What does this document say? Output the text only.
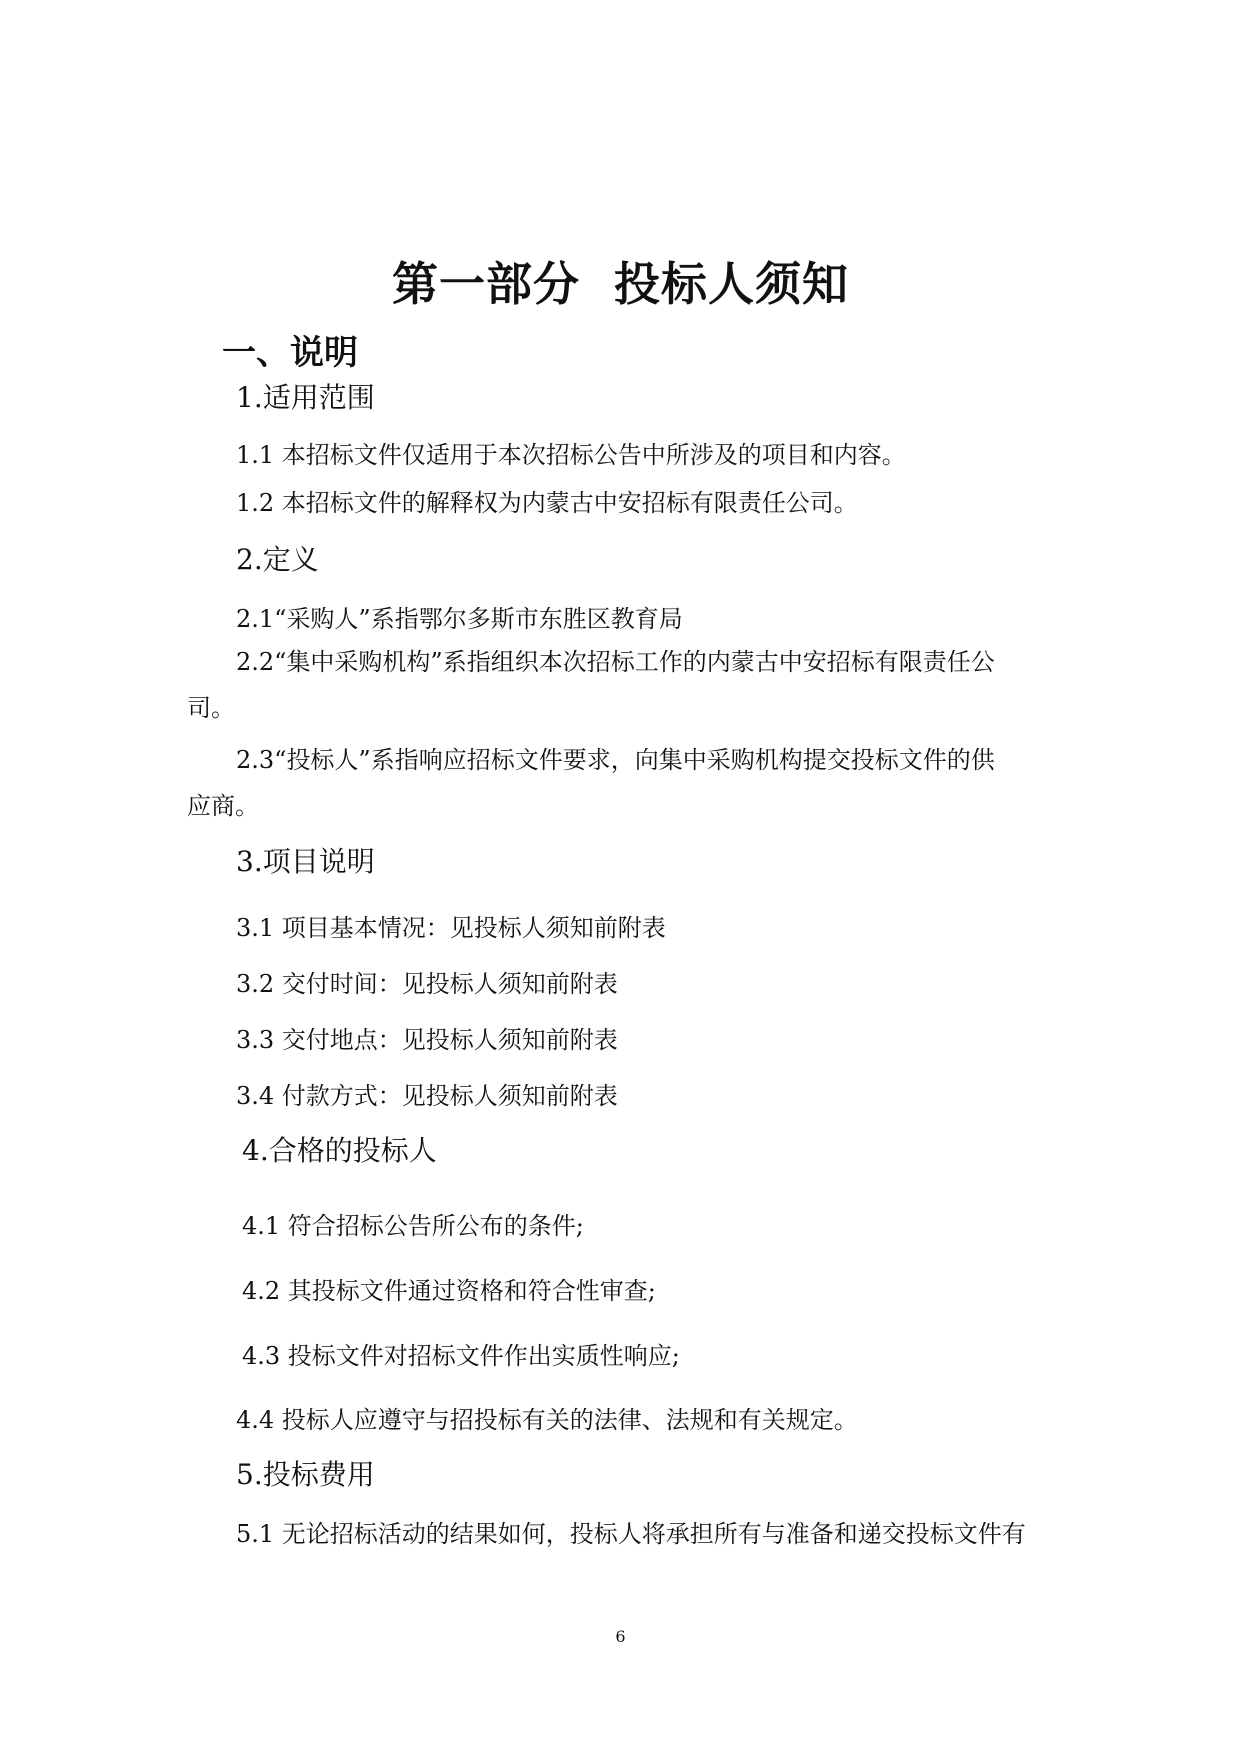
第一部分  投标人须知
一、说明
1.适用范围
1.1 本招标文件仅适用于本次招标公告中所涉及的项目和内容。
1.2 本招标文件的解释权为内蒙古中安招标有限责任公司。
2.定义
2.1“采购人”系指鄂尔多斯市东胜区教育局
2.2“集中采购机构”系指组织本次招标工作的内蒙古中安招标有限责任公
司。
2.3“投标人”系指响应招标文件要求，向集中采购机构提交投标文件的供
应商。
3.项目说明
3.1 项目基本情况：见投标人须知前附表
3.2 交付时间：见投标人须知前附表
3.3 交付地点：见投标人须知前附表
3.4 付款方式：见投标人须知前附表
4.合格的投标人
4.1 符合招标公告所公布的条件;
4.2 其投标文件通过资格和符合性审查;
4.3 投标文件对招标文件作出实质性响应;
4.4 投标人应遵守与招投标有关的法律、法规和有关规定。
5.投标费用
5.1 无论招标活动的结果如何，投标人将承担所有与准备和递交投标文件有
6
